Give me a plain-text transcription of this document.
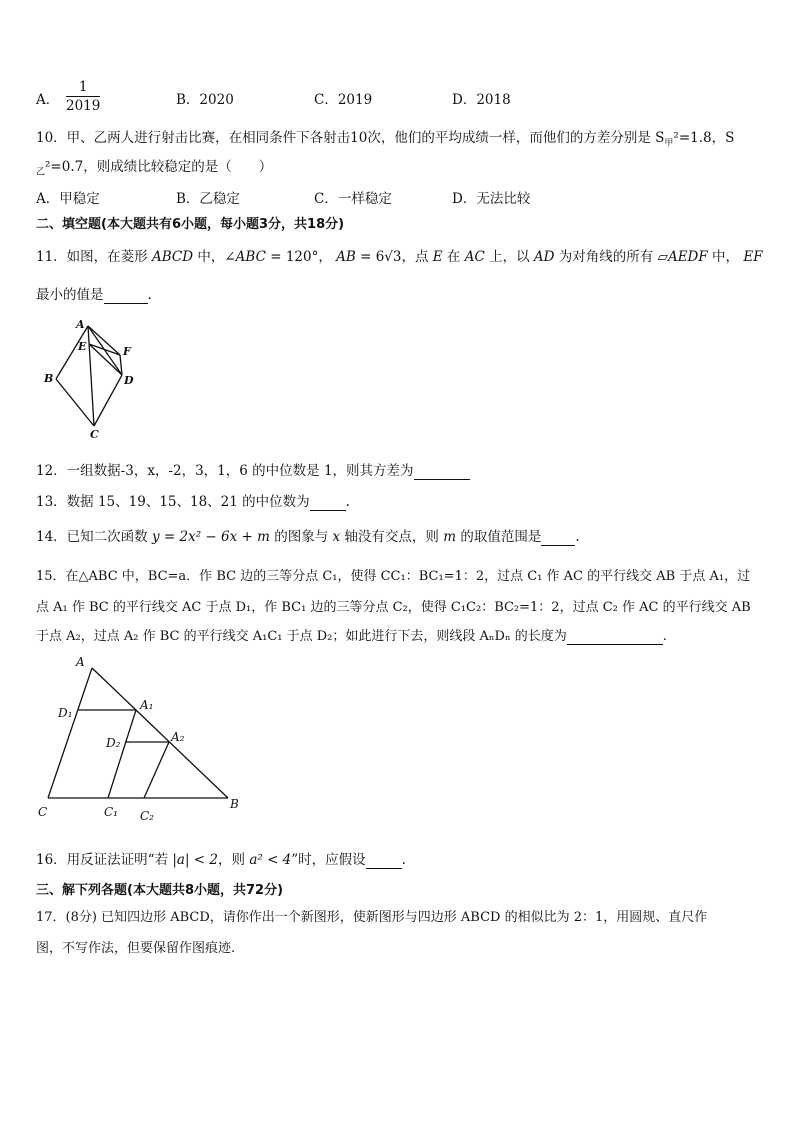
A． $\frac{1}{2019}$	B．2020	C．2019	D．2018
10．甲、乙两人进行射击比赛，在相同条件下各射击10次，他们的平均成绩一样，而他们的方差分别是 $S_甲^2=1.8$，S
$_乙$²=0.7，则成绩比较稳定的是（　　）
A．甲稳定	B．乙稳定	C．一样稳定	D．无法比较
二、填空题(本大题共有6小题，每小题3分，共18分)
11．如图，在菱形 ABCD 中，∠ABC = 120°， AB = 6√3，点 E 在 AC 上，以 AD 为对角线的所有 ▱AEDF 中， EF
最小的值是	.
A
B
C
D
E	F
12．一组数据-3，x，-2，3，1，6 的中位数是 1，则其方差为
13．数据 15、19、15、18、21 的中位数为	.
14．已知二次函数 y = 2x² − 6x + m 的图象与 x 轴没有交点，则 m 的取值范围是	.
15．在△ABC 中，BC=a．作 BC 边的三等分点 C₁，使得 CC₁：BC₁=1：2，过点 C₁ 作 AC 的平行线交 AB 于点 A₁，过
点 A₁ 作 BC 的平行线交 AC 于点 D₁，作 BC₁ 边的三等分点 C₂，使得 C₁C₂：BC₂=1：2，过点 C₂ 作 AC 的平行线交 AB
于点 A₂，过点 A₂ 作 BC 的平行线交 A₁C₁ 于点 D₂；如此进行下去，则线段 AₙDₙ 的长度为	.
A
A₁
A₂
D₁
D₂
C	C₁ C₂
B
16．用反证法证明“若 |a| < 2，则 a² < 4”时，应假设	.
三、解下列各题(本大题共8小题，共72分)
17．(8分) 已知四边形 ABCD，请你作出一个新图形，使新图形与四边形 ABCD 的相似比为 2：1，用圆规、直尺作
图，不写作法，但要保留作图痕迹.
